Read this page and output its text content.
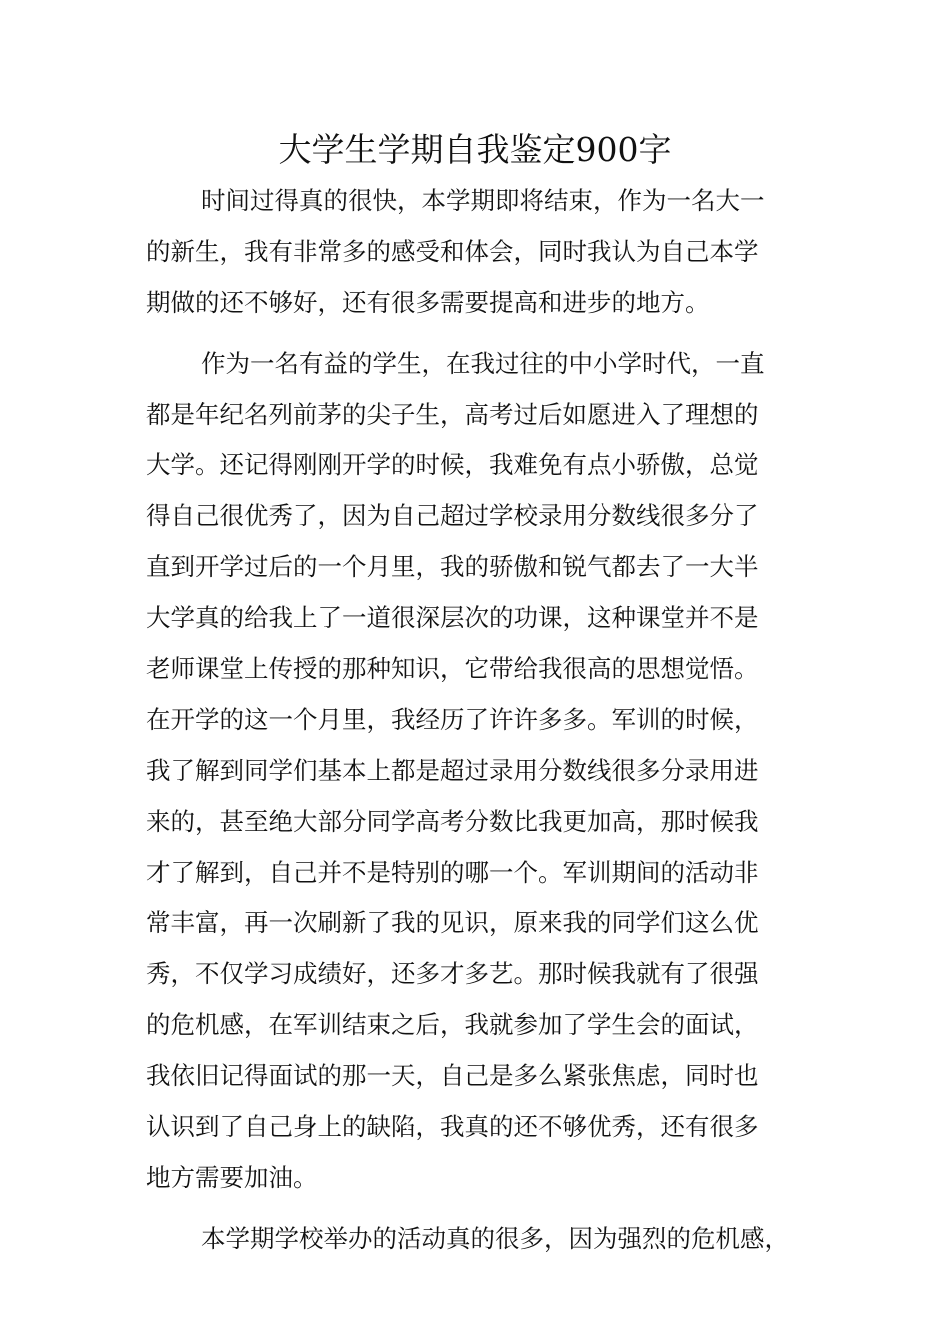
大学生学期自我鉴定900字
时间过得真的很快，本学期即将结束，作为一名大一
的新生，我有非常多的感受和体会，同时我认为自己本学
期做的还不够好，还有很多需要提高和进步的地方。
作为一名有益的学生，在我过往的中小学时代，一直
都是年纪名列前茅的尖子生，高考过后如愿进入了理想的
大学。还记得刚刚开学的时候，我难免有点小骄傲，总觉
得自己很优秀了，因为自己超过学校录用分数线很多分了
直到开学过后的一个月里，我的骄傲和锐气都去了一大半
大学真的给我上了一道很深层次的功课，这种课堂并不是
老师课堂上传授的那种知识，它带给我很高的思想觉悟。
在开学的这一个月里，我经历了许许多多。军训的时候，
我了解到同学们基本上都是超过录用分数线很多分录用进
来的，甚至绝大部分同学高考分数比我更加高，那时候我
才了解到，自己并不是特别的哪一个。军训期间的活动非
常丰富，再一次刷新了我的见识，原来我的同学们这么优
秀，不仅学习成绩好，还多才多艺。那时候我就有了很强
的危机感，在军训结束之后，我就参加了学生会的面试，
我依旧记得面试的那一天，自己是多么紧张焦虑，同时也
认识到了自己身上的缺陷，我真的还不够优秀，还有很多
地方需要加油。
本学期学校举办的活动真的很多，因为强烈的危机感，
